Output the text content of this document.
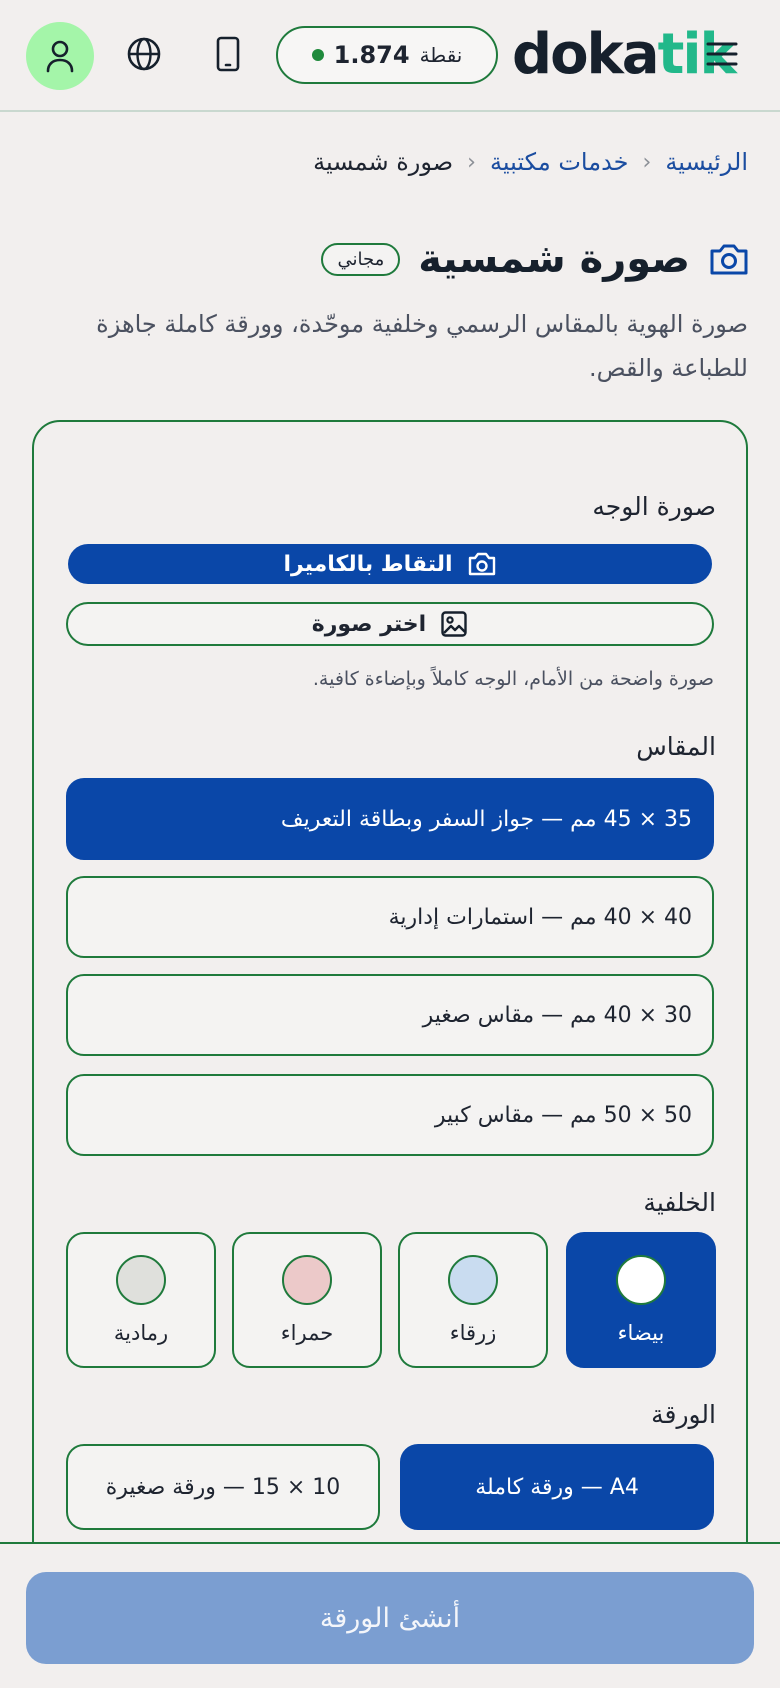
نقطة
1.874 dokatik
الرئيسية
‹
خدمات مكتبية
‹
صورة شمسية
صورة شمسية
مجاني

صورة الهوية بالمقاس الرسمي وخلفية موحّدة، وورقة كاملة جاهزة للطباعة والقص.

صورة الوجه
التقاط بالكاميرا
اختر صورة
صورة واضحة من الأمام، الوجه كاملاً وبإضاءة كافية.
المقاس
35 × 45 مم — جواز السفر وبطاقة التعريف
40 × 40 مم — استمارات إدارية
30 × 40 مم — مقاس صغير
50 × 50 مم — مقاس كبير
الخلفية
بيضاء
زرقاء
حمراء
رمادية
الورقة
A4 — ورقة كاملة
10 × 15 — ورقة صغيرة
أنشئ الورقة
